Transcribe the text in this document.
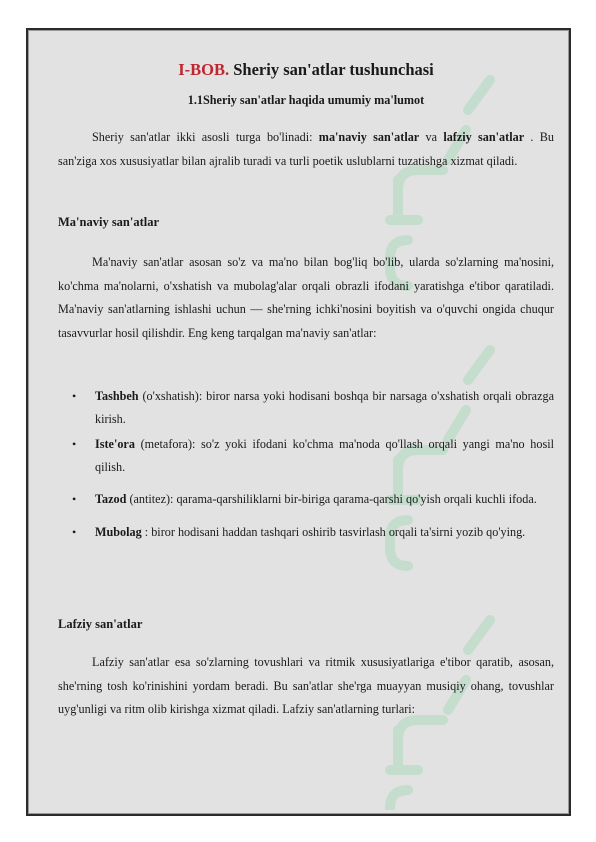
I-BOB. Sheriy san'atlar tushunchasi
1.1Sheriy san'atlar haqida umumiy ma'lumot

Sheriy san'atlar ikki asosli turga bo'linadi: ma'naviy san'atlar va lafziy san'atlar . Bu san'ziga xos xususiyatlar bilan ajralib turadi va turli poetik uslublarni tuzatishga xizmat qiladi.

Ma'naviy san'atlar

Ma'naviy san'atlar asosan so'z va ma'no bilan bog'liq bo'lib, ularda so'zlarning ma'nosini, ko'chma ma'nolarni, o'xshatish va mubolag'alar orqali obrazli ifodani yaratishga e'tibor qaratiladi. Ma'naviy san'atlarning ishlashi uchun — she'rning ichki'nosini boyitish va o'quvchi ongida chuqur tasavvurlar hosil qilishdir. Eng keng tarqalgan ma'naviy san'atlar:

• Tashbeh (o'xshatish): biror narsa yoki hodisani boshqa bir narsaga o'xshatish orqali obrazga kirish.
• Iste'ora (metafora): so'z yoki ifodani ko'chma ma'noda qo'llash orqali yangi ma'no hosil qilish.
• Tazod (antitez): qarama-qarshiliklarni bir-biriga qarama-qarshi qo'yish orqali kuchli ifoda.
• Mubolag : biror hodisani haddan tashqari oshirib tasvirlash orqali ta'sirni yozib qo'ying.
Lafziy san'atlar

Lafziy san'atlar esa so'zlarning tovushlari va ritmik xususiyatlariga e'tibor qaratib, asosan, she'rning tosh ko'rinishini yordam beradi. Bu san'atlar she'rga muayyan musiqiy ohang, tovushlar uyg'unligi va ritm olib kirishga xizmat qiladi. Lafziy san'atlarning turlari:
